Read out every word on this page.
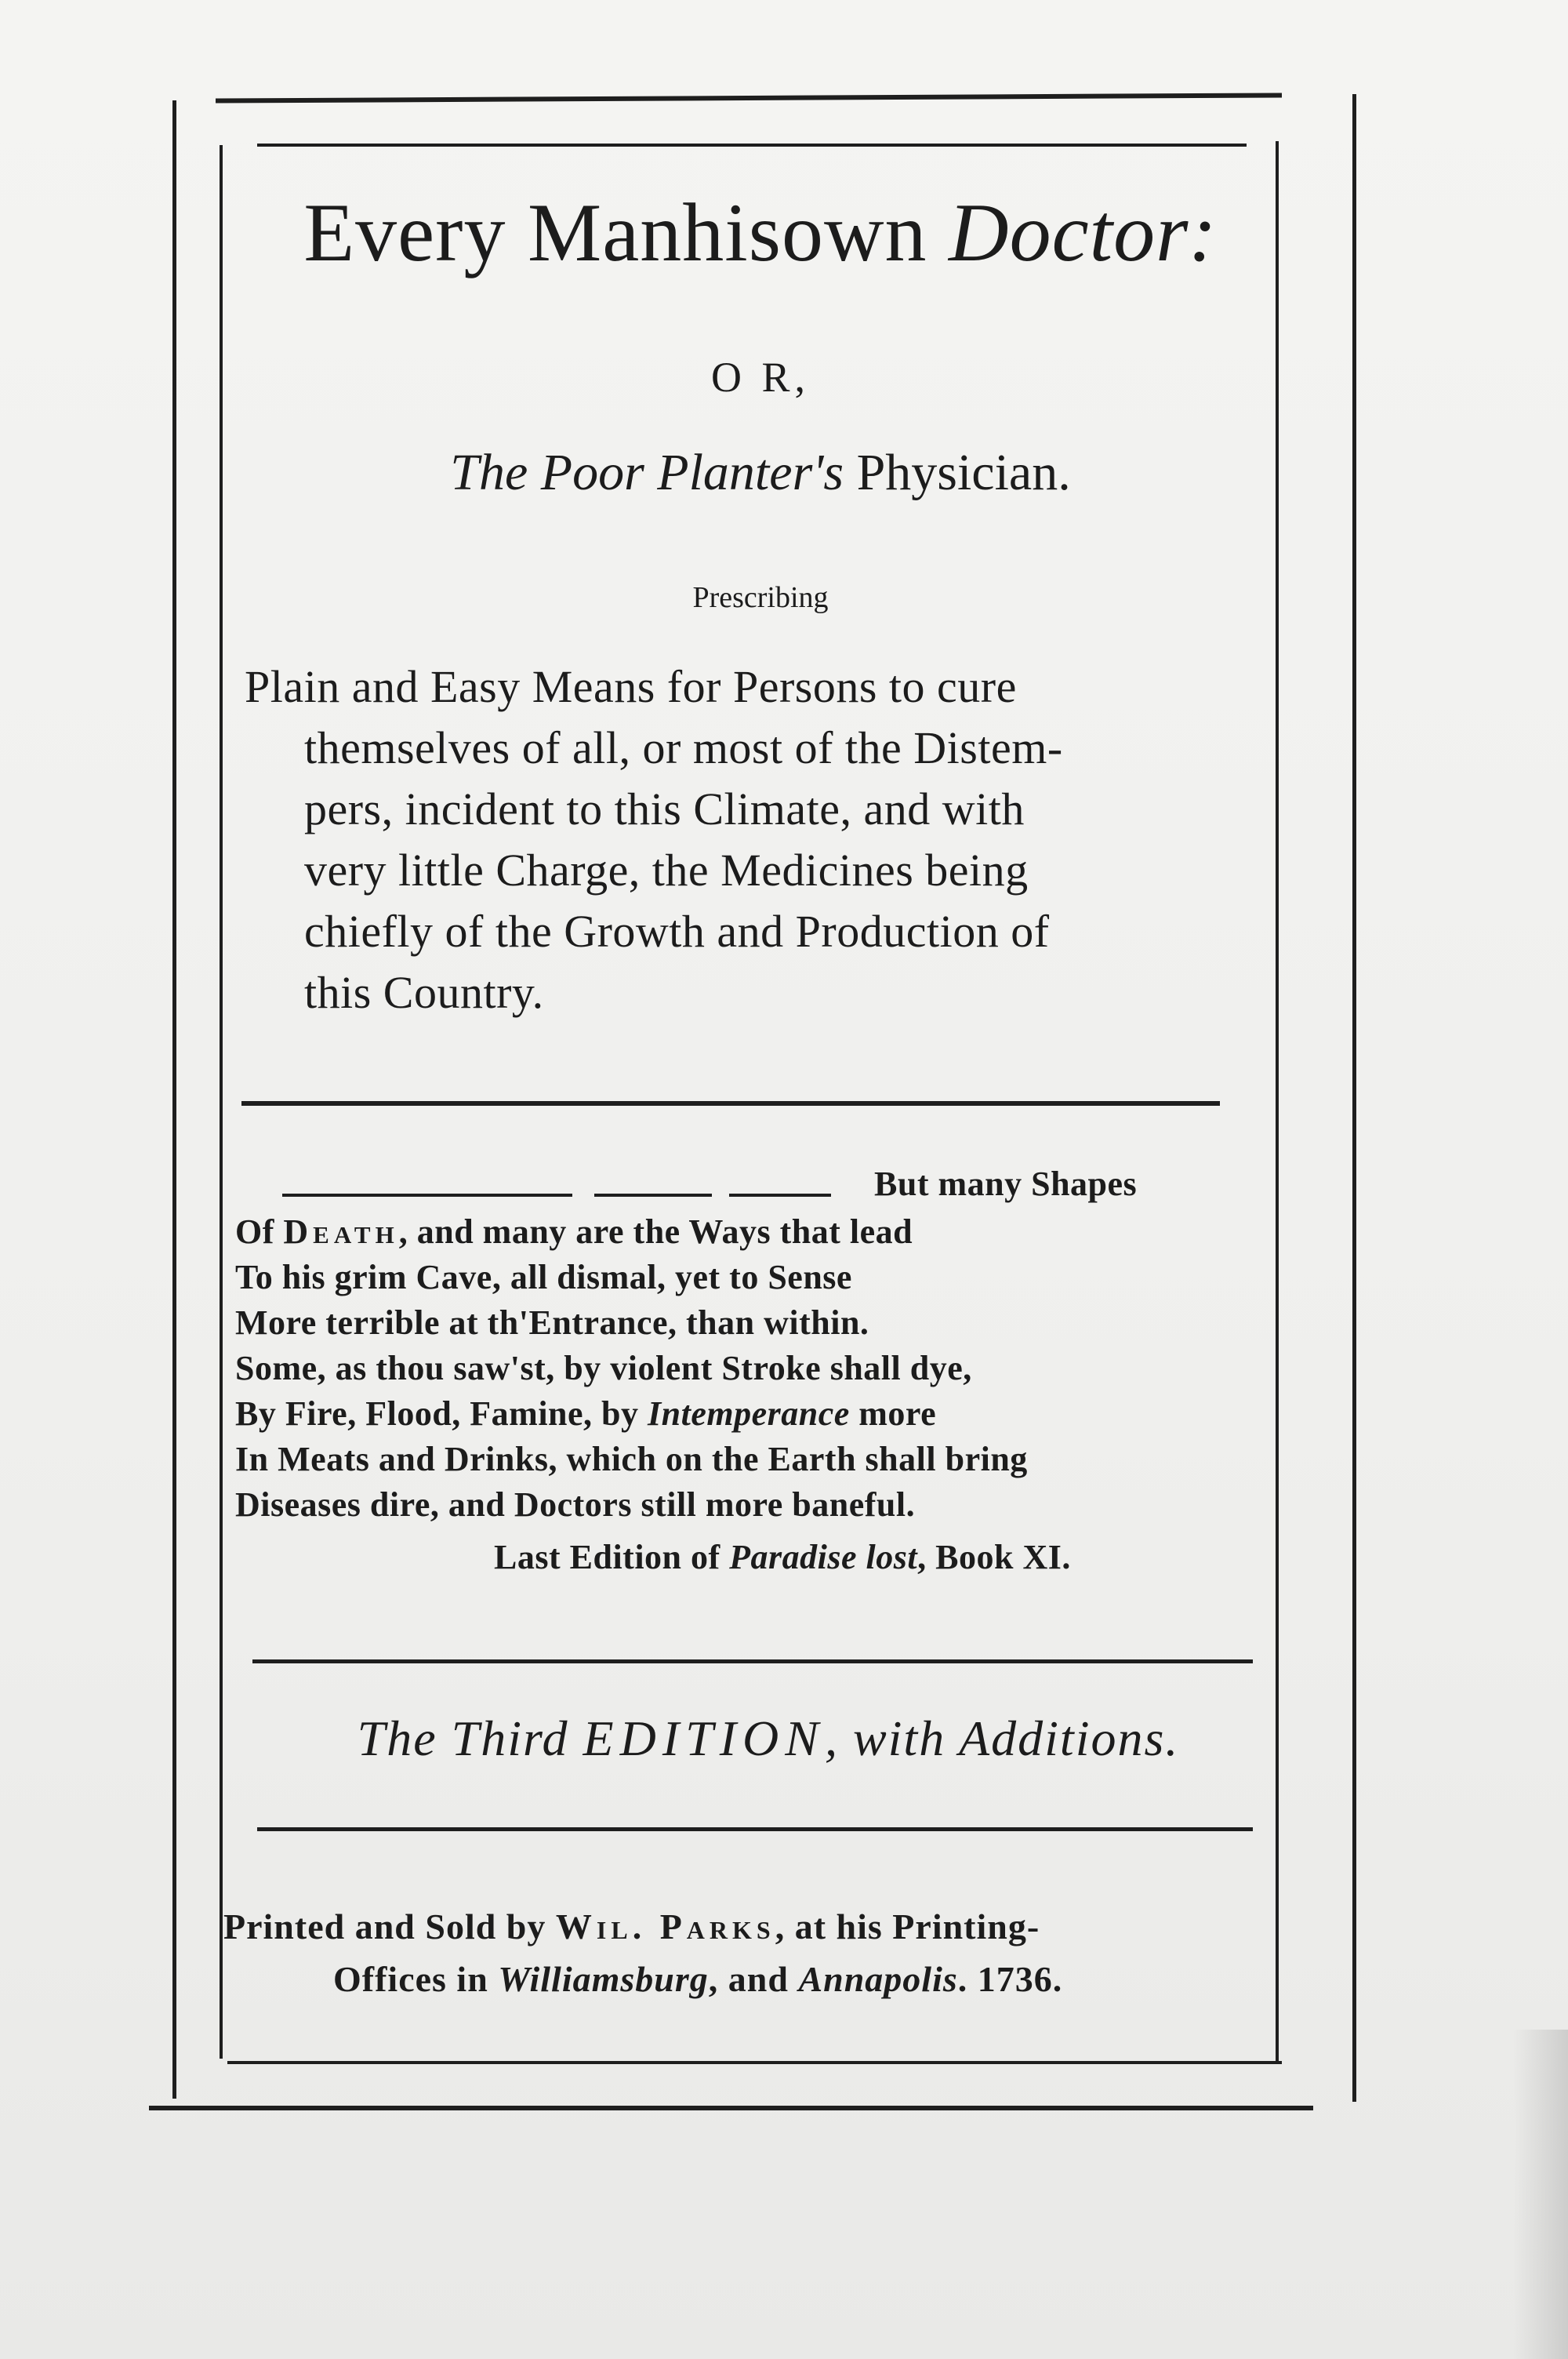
Every Manhisown Doctor:
O R,
The Poor Planter's Physician.
Prescribing
Plain and Easy Means for Persons to cure
themselves of all, or most of the Distem-
pers, incident to this Climate, and with
very little Charge, the Medicines being
chiefly of the Growth and Production of
this Country.
But many Shapes
Of Death, and many are the Ways that lead
To his grim Cave, all dismal, yet to Sense
More terrible at th'Entrance, than within.
Some, as thou saw'st, by violent Stroke shall dye,
By Fire, Flood, Famine, by Intemperance more
In Meats and Drinks, which on the Earth shall bring
Diseases dire, and Doctors still more baneful.
Last Edition of Paradise lost, Book XI.
The Third EDITION, with Additions.
Printed and Sold by Wil. Parks, at his Printing-
Offices in Williamsburg, and Annapolis. 1736.
